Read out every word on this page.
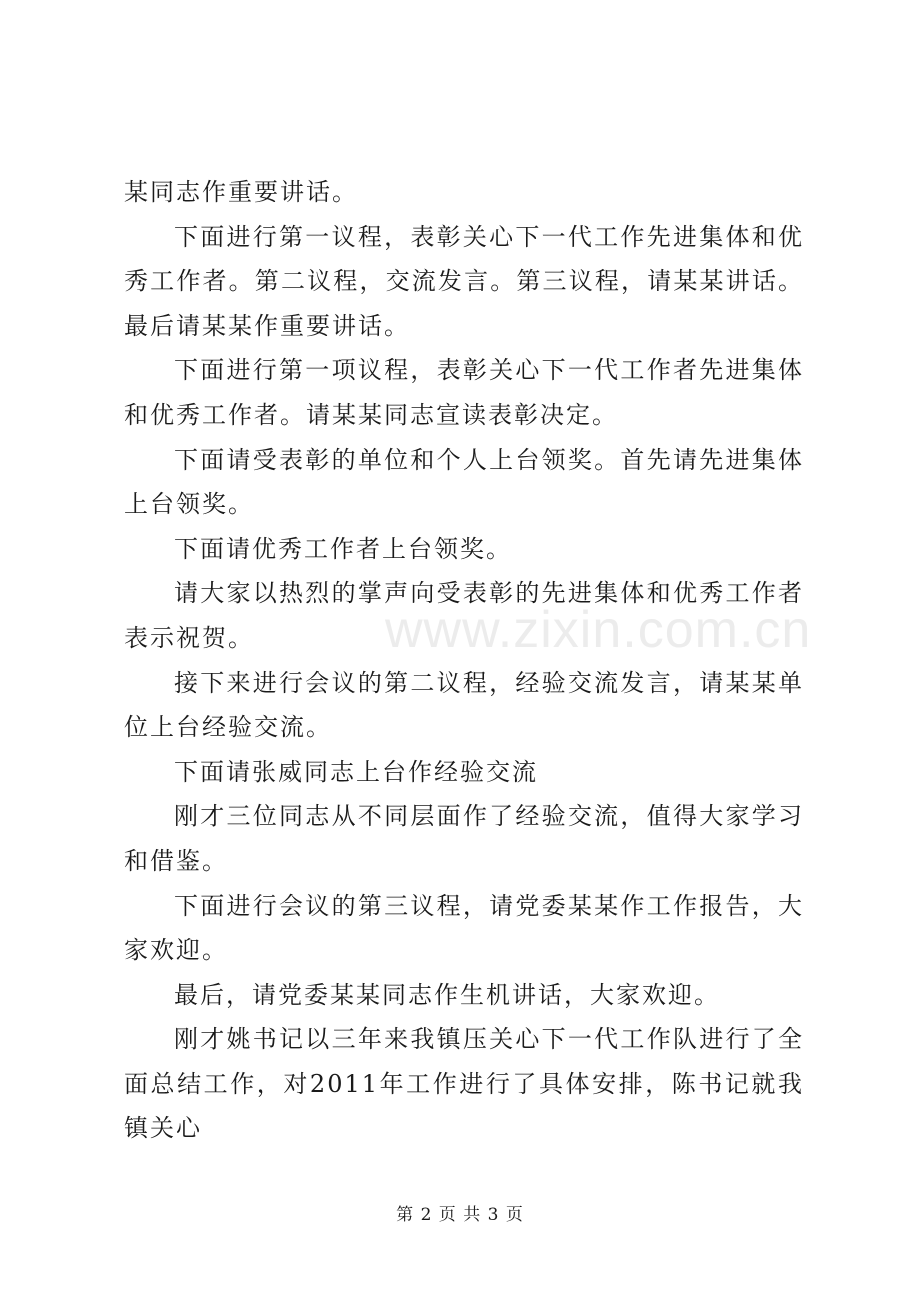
某同志作重要讲话。

下面进行第一议程，表彰关心下一代工作先进集体和优秀工作者。第二议程，交流发言。第三议程，请某某讲话。最后请某某作重要讲话。

下面进行第一项议程，表彰关心下一代工作者先进集体和优秀工作者。请某某同志宣读表彰决定。

下面请受表彰的单位和个人上台领奖。首先请先进集体上台领奖。

下面请优秀工作者上台领奖。

请大家以热烈的掌声向受表彰的先进集体和优秀工作者表示祝贺。

接下来进行会议的第二议程，经验交流发言，请某某单位上台经验交流。

下面请张威同志上台作经验交流

刚才三位同志从不同层面作了经验交流，值得大家学习和借鉴。

下面进行会议的第三议程，请党委某某作工作报告，大家欢迎。

最后，请党委某某同志作生机讲话，大家欢迎。

刚才姚书记以三年来我镇压关心下一代工作队进行了全面总结工作，对2011年工作进行了具体安排，陈书记就我镇关心

www.zixin.com.cn
第 2 页 共 3 页
